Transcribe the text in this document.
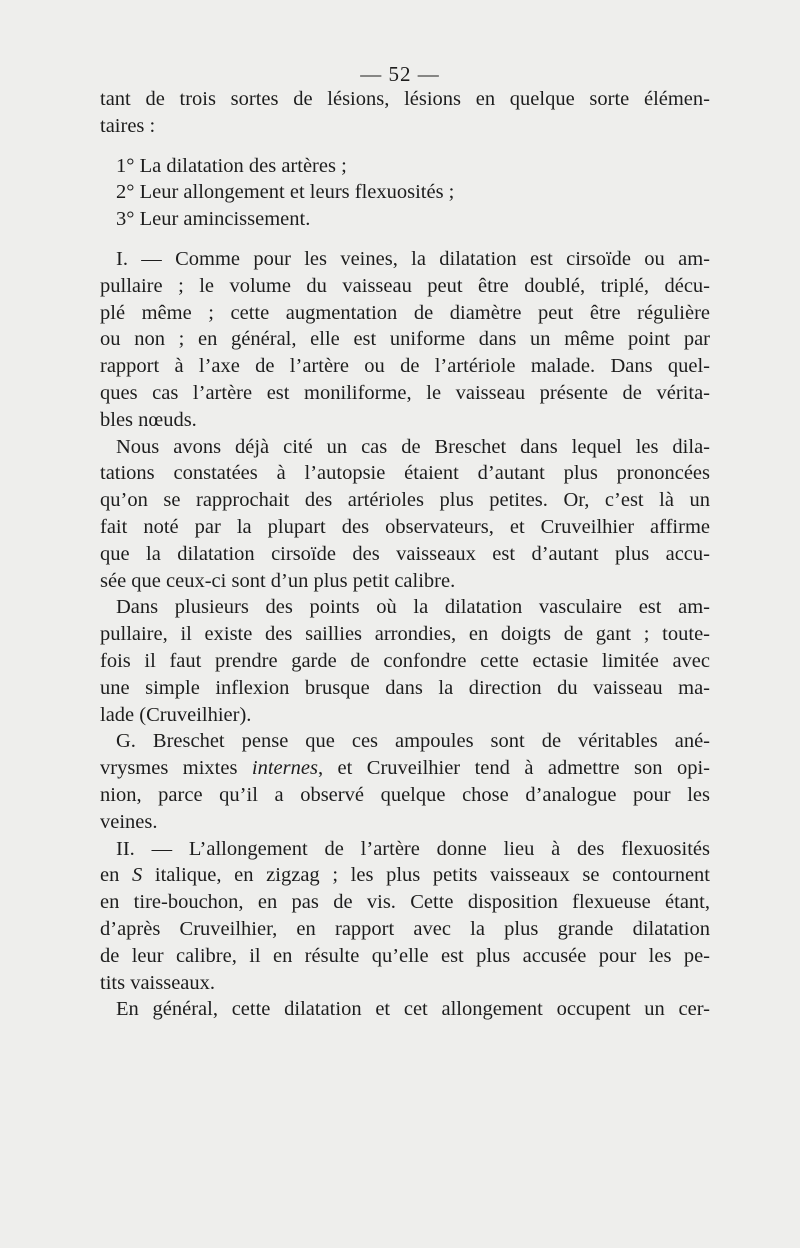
— 52 —

tant de trois sortes de lésions, lésions en quelque sorte élémen-
taires :

1° La dilatation des artères ;
2° Leur allongement et leurs flexuosités ;
3° Leur amincissement.

I. — Comme pour les veines, la dilatation est cirsoïde ou am-
pullaire ; le volume du vaisseau peut être doublé, triplé, décu-
plé même ; cette augmentation de diamètre peut être régulière
ou non ; en général, elle est uniforme dans un même point par
rapport à l’axe de l’artère ou de l’artériole malade. Dans quel-
ques cas l’artère est moniliforme, le vaisseau présente de vérita-
bles nœuds.

Nous avons déjà cité un cas de Breschet dans lequel les dila-
tations constatées à l’autopsie étaient d’autant plus prononcées
qu’on se rapprochait des artérioles plus petites. Or, c’est là un
fait noté par la plupart des observateurs, et Cruveilhier affirme
que la dilatation cirsoïde des vaisseaux est d’autant plus accu-
sée que ceux-ci sont d’un plus petit calibre.

Dans plusieurs des points où la dilatation vasculaire est am-
pullaire, il existe des saillies arrondies, en doigts de gant ; toute-
fois il faut prendre garde de confondre cette ectasie limitée avec
une simple inflexion brusque dans la direction du vaisseau ma-
lade (Cruveilhier).

G. Breschet pense que ces ampoules sont de véritables ané-
vrysmes mixtes internes, et Cruveilhier tend à admettre son opi-
nion, parce qu’il a observé quelque chose d’analogue pour les
veines.

II. — L’allongement de l’artère donne lieu à des flexuosités
en S italique, en zigzag ; les plus petits vaisseaux se contournent
en tire-bouchon, en pas de vis. Cette disposition flexueuse étant,
d’après Cruveilhier, en rapport avec la plus grande dilatation
de leur calibre, il en résulte qu’elle est plus accusée pour les pe-
tits vaisseaux.

En général, cette dilatation et cet allongement occupent un cer-
